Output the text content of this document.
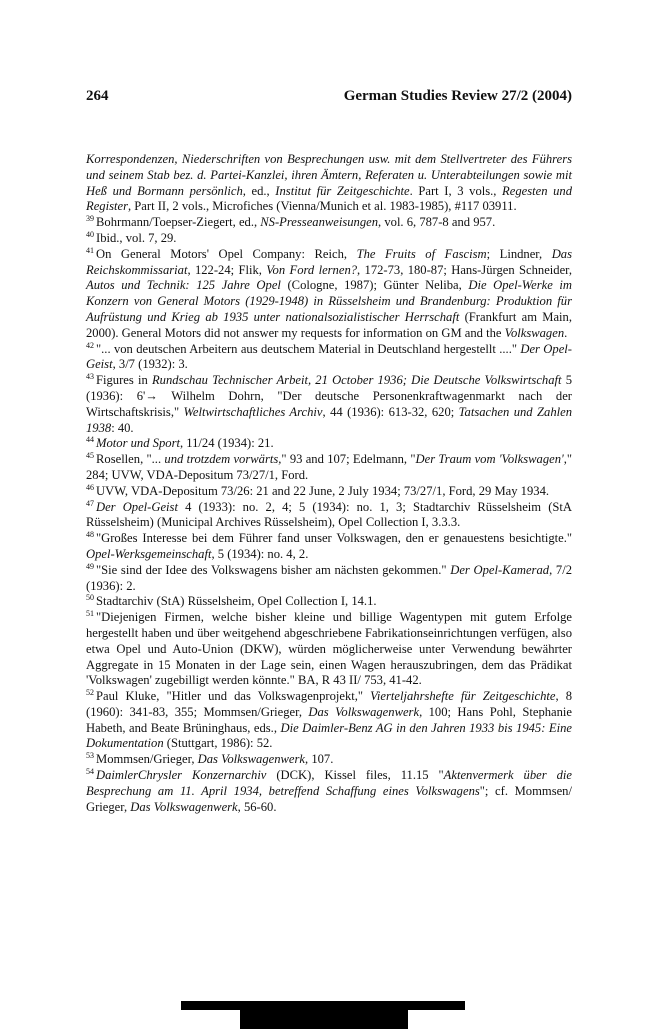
264	German Studies Review 27/2 (2004)

Korrespondenzen, Niederschriften von Besprechungen usw. mit dem Stellvertreter des Führers und seinem Stab bez. d. Partei-Kanzlei, ihren Ämtern, Referaten u. Unterabteilungen sowie mit Heß und Bormann persönlich, ed., Institut für Zeitgeschichte. Part I, 3 vols., Regesten und Register, Part II, 2 vols., Microfiches (Vienna/Munich et al. 1983-1985), #117 03911.

$^{39}$ Bohrmann/Toepser-Ziegert, ed., NS-Presseanweisungen, vol. 6, 787-8 and 957.

$^{40}$ Ibid., vol. 7, 29.

$^{41}$ On General Motors' Opel Company: Reich, The Fruits of Fascism; Lindner, Das Reichskommissariat, 122-24; Flik, Von Ford lernen?, 172-73, 180-87; Hans-Jürgen Schneider, Autos und Technik: 125 Jahre Opel (Cologne, 1987); Günter Neliba, Die Opel-Werke im Konzern von General Motors (1929-1948) in Rüsselsheim und Brandenburg: Produktion für Aufrüstung und Krieg ab 1935 unter nationalsozialistischer Herrschaft (Frankfurt am Main, 2000). General Motors did not answer my requests for information on GM and the Volkswagen.

$^{42}$ "... von deutschen Arbeitern aus deutschem Material in Deutschland hergestellt ...." Der Opel-Geist, 3/7 (1932): 3.

$^{43}$ Figures in Rundschau Technischer Arbeit, 21 October 1936; Die Deutsche Volkswirtschaft 5 (1936): 6'→ Wilhelm Dohrn, "Der deutsche Personenkraftwagenmarkt nach der Wirtschaftskrisis," Weltwirtschaftliches Archiv, 44 (1936): 613-32, 620; Tatsachen und Zahlen 1938: 40.

$^{44}$ Motor und Sport, 11/24 (1934): 21.

$^{45}$ Rosellen, "... und trotzdem vorwärts," 93 and 107; Edelmann, "Der Traum vom 'Volkswagen'," 284; UVW, VDA-Depositum 73/27/1, Ford.

$^{46}$ UVW, VDA-Depositum 73/26: 21 and 22 June, 2 July 1934; 73/27/1, Ford, 29 May 1934.

$^{47}$ Der Opel-Geist 4 (1933): no. 2, 4; 5 (1934): no. 1, 3; Stadtarchiv Rüsselsheim (StA Rüsselsheim) (Municipal Archives Rüsselsheim), Opel Collection I, 3.3.3.

$^{48}$ "Großes Interesse bei dem Führer fand unser Volkswagen, den er genauestens besichtigte." Opel-Werksgemeinschaft, 5 (1934): no. 4, 2.

$^{49}$ "Sie sind der Idee des Volkswagens bisher am nächsten gekommen." Der Opel-Kamerad, 7/2 (1936): 2.

$^{50}$ Stadtarchiv (StA) Rüsselsheim, Opel Collection I, 14.1.

$^{51}$ "Diejenigen Firmen, welche bisher kleine und billige Wagentypen mit gutem Erfolge hergestellt haben und über weitgehend abgeschriebene Fabrikationseinrichtungen verfügen, also etwa Opel und Auto-Union (DKW), würden möglicherweise unter Verwendung bewährter Aggregate in 15 Monaten in der Lage sein, einen Wagen herauszubringen, dem das Prädikat 'Volkswagen' zugebilligt werden könnte." BA, R 43 II/ 753, 41-42.

$^{52}$ Paul Kluke, "Hitler und das Volkswagenprojekt," Vierteljahrshefte für Zeitgeschichte, 8 (1960): 341-83, 355; Mommsen/Grieger, Das Volkswagenwerk, 100; Hans Pohl, Stephanie Habeth, and Beate Brüninghaus, eds., Die Daimler-Benz AG in den Jahren 1933 bis 1945: Eine Dokumentation (Stuttgart, 1986): 52.

$^{53}$ Mommsen/Grieger, Das Volkswagenwerk, 107.

$^{54}$ DaimlerChrysler Konzernarchiv (DCK), Kissel files, 11.15 "Aktenvermerk über die Besprechung am 11. April 1934, betreffend Schaffung eines Volkswagens"; cf. Mommsen/ Grieger, Das Volkswagenwerk, 56-60.
